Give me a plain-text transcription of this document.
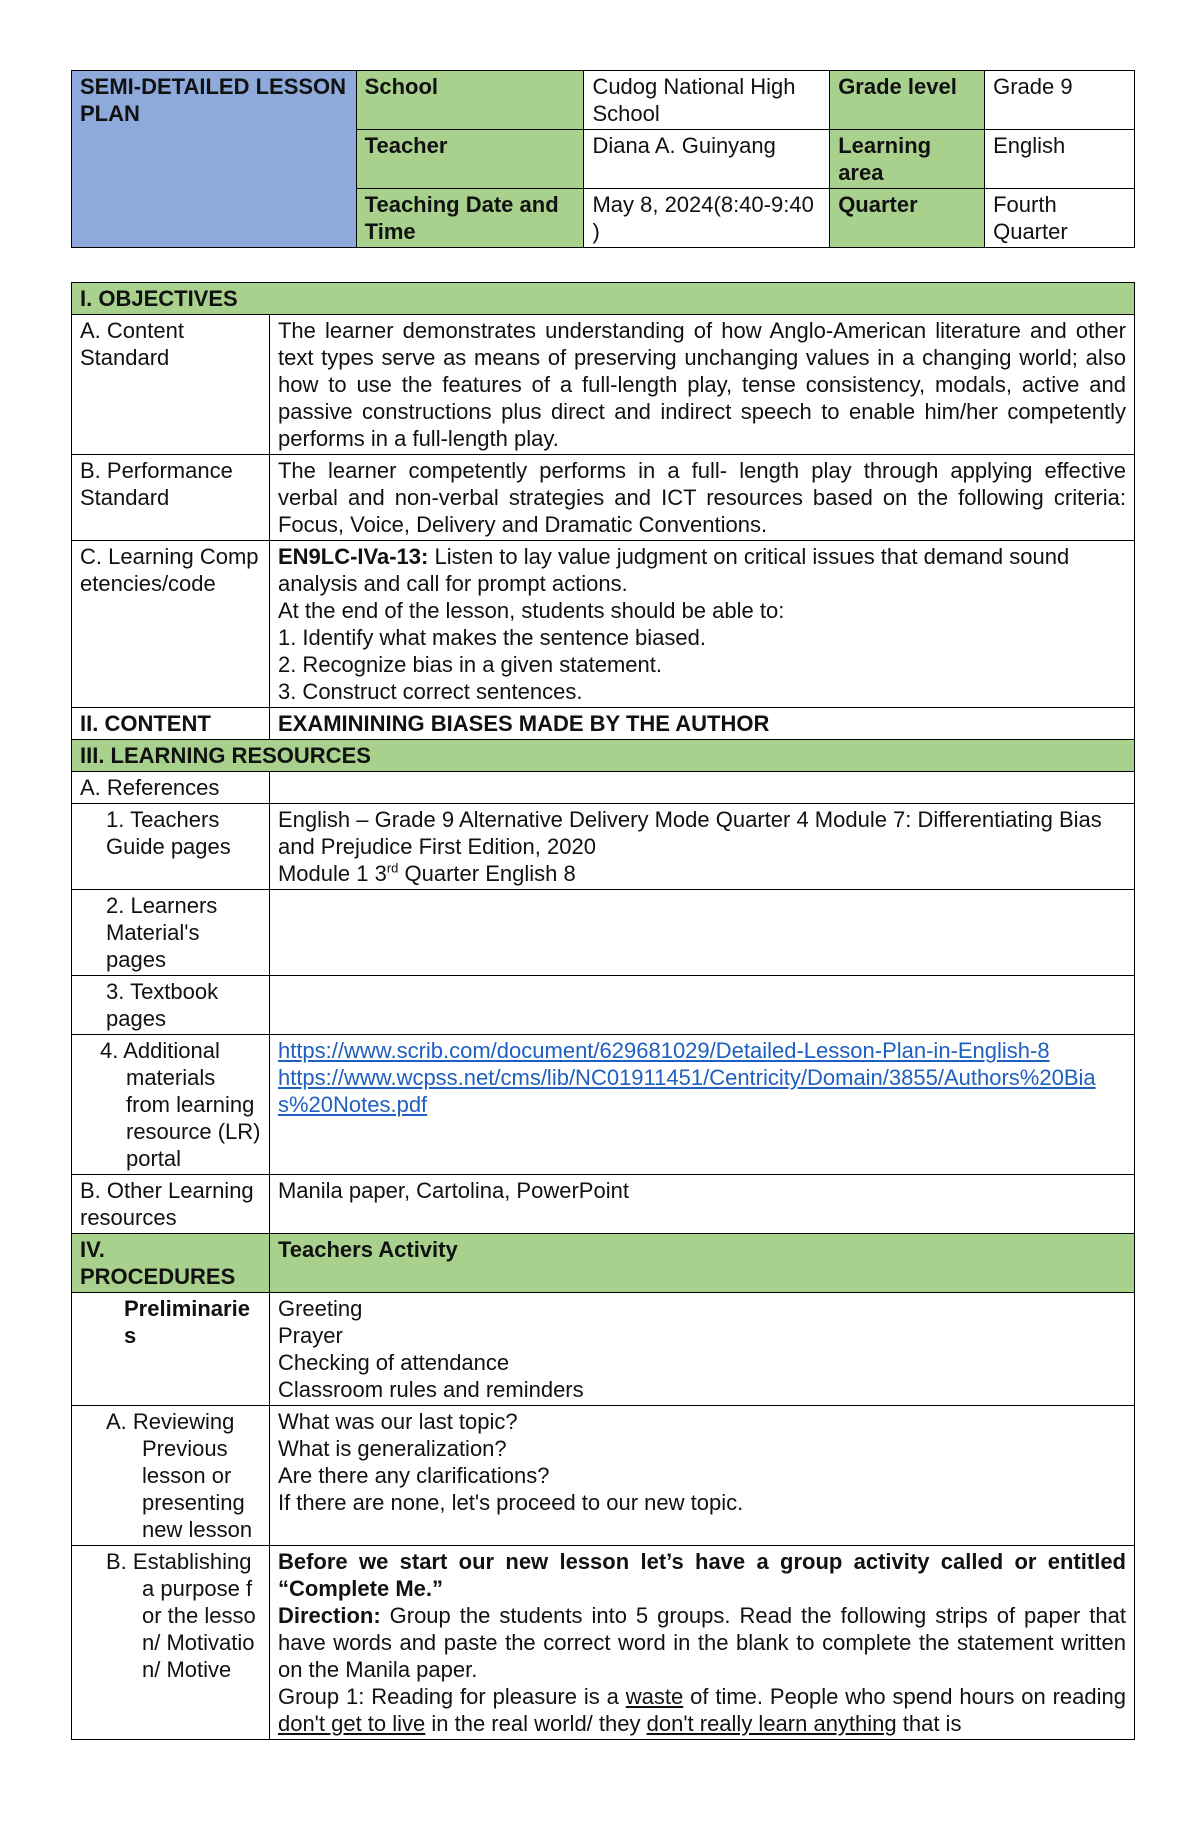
SEMI-DETAILED LESSON PLAN	School	Cudog National High School	Grade level	Grade 9
	Teacher	Diana A. Guinyang	Learning area	English
	Teaching Date and Time	May 8, 2024(8:40-9:40 )	Quarter	Fourth Quarter
I. OBJECTIVES	
A. Content Standard	The learner demonstrates understanding of how Anglo-American literature and other text types serve as means of preserving unchanging values in a changing world; also how to use the features of a full-length play, tense consistency, modals, active and passive constructions plus direct and indirect speech to enable him/her competently performs in a full-length play.
B. Performance Standard	The learner competently performs in a full- length play through applying effective verbal and non-verbal strategies and ICT resources based on the following criteria: Focus, Voice, Delivery and Dramatic Conventions.
C. Learning Competencies/code	EN9LC-IVa-13: Listen to lay value judgment on critical issues that demand sound analysis and call for prompt actions.
At the end of the lesson, students should be able to:
1. Identify what makes the sentence biased.
2. Recognize bias in a given statement.
3. Construct correct sentences.

II. CONTENT	EXAMININING BIASES MADE BY THE AUTHOR
III. LEARNING RESOURCES	
A. References	
1. Teachers Guide pages	English – Grade 9 Alternative Delivery Mode Quarter 4 Module 7: Differentiating Bias and Prejudice First Edition, 2020
Module 1 3rd Quarter English 8

2. Learners Material's pages	
3. Textbook pages	
4. Additional materials from learning resource (LR) portal	https://www.scrib.com/document/629681029/Detailed-Lesson-Plan-in-English-8
https://www.wcpss.net/cms/lib/NC01911451/Centricity/Domain/3855/Authors%20Bias%20Notes.pdf

B. Other Learning resources	Manila paper, Cartolina, PowerPoint
IV. PROCEDURES	Teachers Activity
Preliminaries	Greeting
Prayer
Checking of attendance
Classroom rules and reminders

A. Reviewing Previous lesson or presenting new lesson	What was our last topic?
What is generalization?
Are there any clarifications?
If there are none, let's proceed to our new topic.

B. Establishing a purpose for the lesson/ Motivation/ Motive	Before we start our new lesson let’s have a group activity called or entitled “Complete Me.”
Direction: Group the students into 5 groups. Read the following strips of paper that have words and paste the correct word in the blank to complete the statement written on the Manila paper.
Group 1: Reading for pleasure is a waste of time. People who spend hours on reading don't get to live in the real world/ they don't really learn anything that is
